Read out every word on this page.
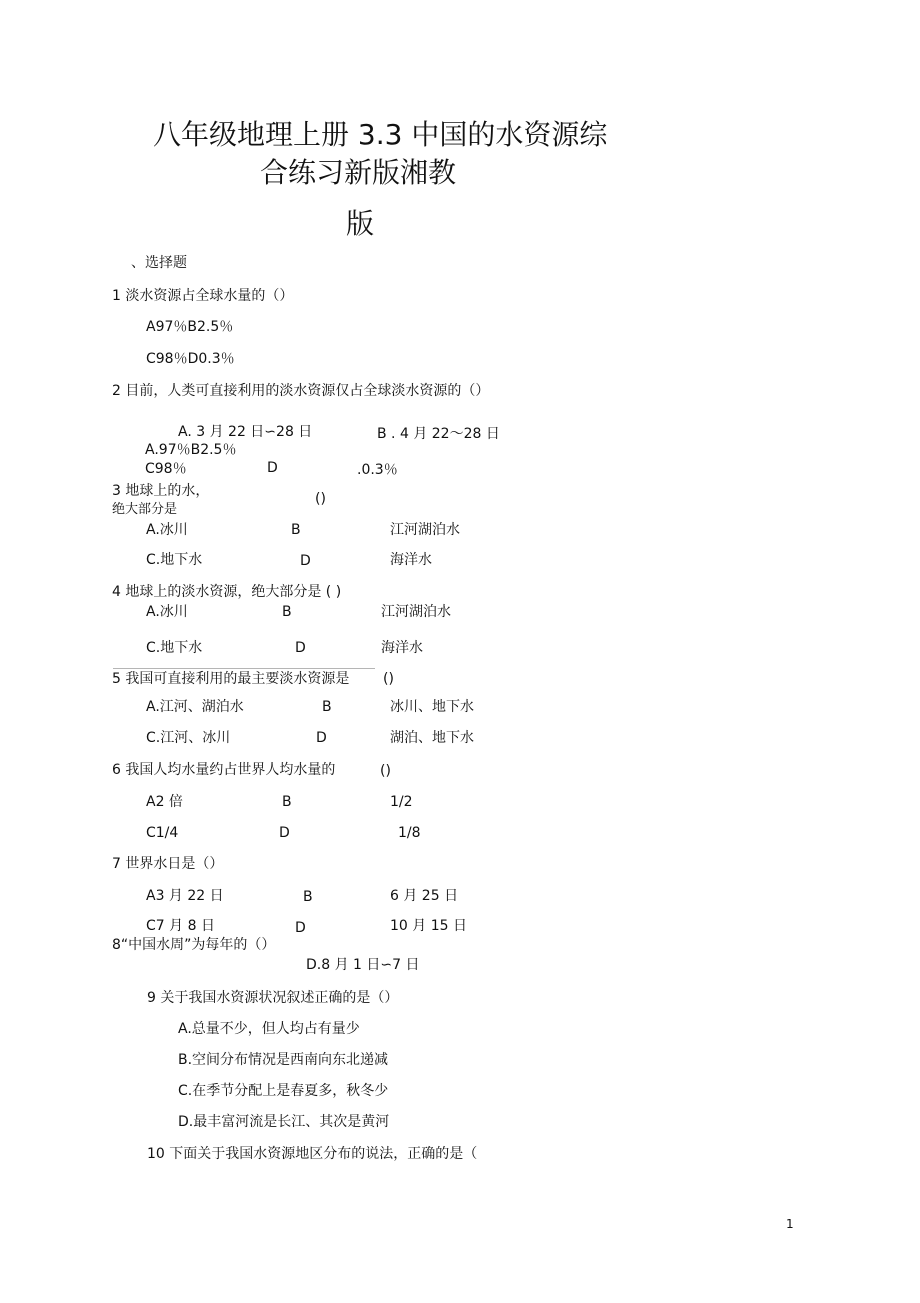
八年级地理上册 3.3 中国的水资源综
合练习新版湘教
版
、选择题
1 淡水资源占全球水量的（）
A97％B2.5％
C98％D0.3％
2 目前，人类可直接利用的淡水资源仅占全球淡水资源的（）
A. 3 月 22 日∽28 日	B . 4 月 22〜28 日
A.97％B2.5％
C98％	D	.0.3％
3 地球上的水，
绝大部分是
()
A.冰川	B	江河湖泊水
C.地下水	D	海洋水
4 地球上的淡水资源，绝大部分是 ( )
A.冰川	B	江河湖泊水
C.地下水	D	海洋水
5 我国可直接利用的最主要淡水资源是 ()
A.江河、湖泊水	B	冰川、地下水
C.江河、冰川	D	湖泊、地下水
6 我国人均水量约占世界人均水量的	()
A2 倍	B	1/2
C1/4	D	1/8
7 世界水日是（）
A3 月 22 日	B	6 月 25 日
C7 月 8 日	D	10 月 15 日
8“中国水周”为每年的（）
D.8 月 1 日∽7 日
9 关于我国水资源状况叙述正确的是（）
A.总量不少，但人均占有量少
B.空间分布情况是西南向东北递减
C.在季节分配上是春夏多，秋冬少
D.最丰富河流是长江、其次是黄河
10 下面关于我国水资源地区分布的说法，正确的是（
1
